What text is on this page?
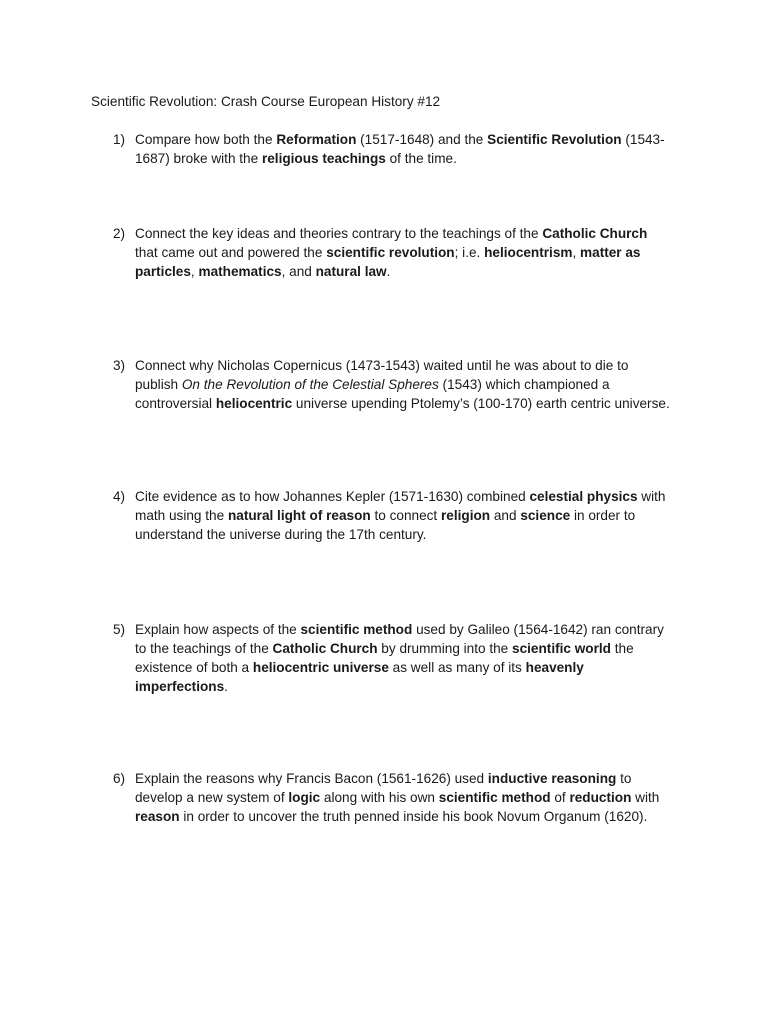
Scientific Revolution: Crash Course European History #12
1) Compare how both the Reformation (1517-1648) and the Scientific Revolution (1543-1687) broke with the religious teachings of the time.
2) Connect the key ideas and theories contrary to the teachings of the Catholic Church that came out and powered the scientific revolution; i.e. heliocentrism, matter as particles, mathematics, and natural law.
3) Connect why Nicholas Copernicus (1473-1543) waited until he was about to die to publish On the Revolution of the Celestial Spheres (1543) which championed a controversial heliocentric universe upending Ptolemy’s (100-170) earth centric universe.
4) Cite evidence as to how Johannes Kepler (1571-1630) combined celestial physics with math using the natural light of reason to connect religion and science in order to understand the universe during the 17th century.
5) Explain how aspects of the scientific method used by Galileo (1564-1642) ran contrary to the teachings of the Catholic Church by drumming into the scientific world the existence of both a heliocentric universe as well as many of its heavenly imperfections.
6) Explain the reasons why Francis Bacon (1561-1626) used inductive reasoning to develop a new system of logic along with his own scientific method of reduction with reason in order to uncover the truth penned inside his book Novum Organum (1620).
